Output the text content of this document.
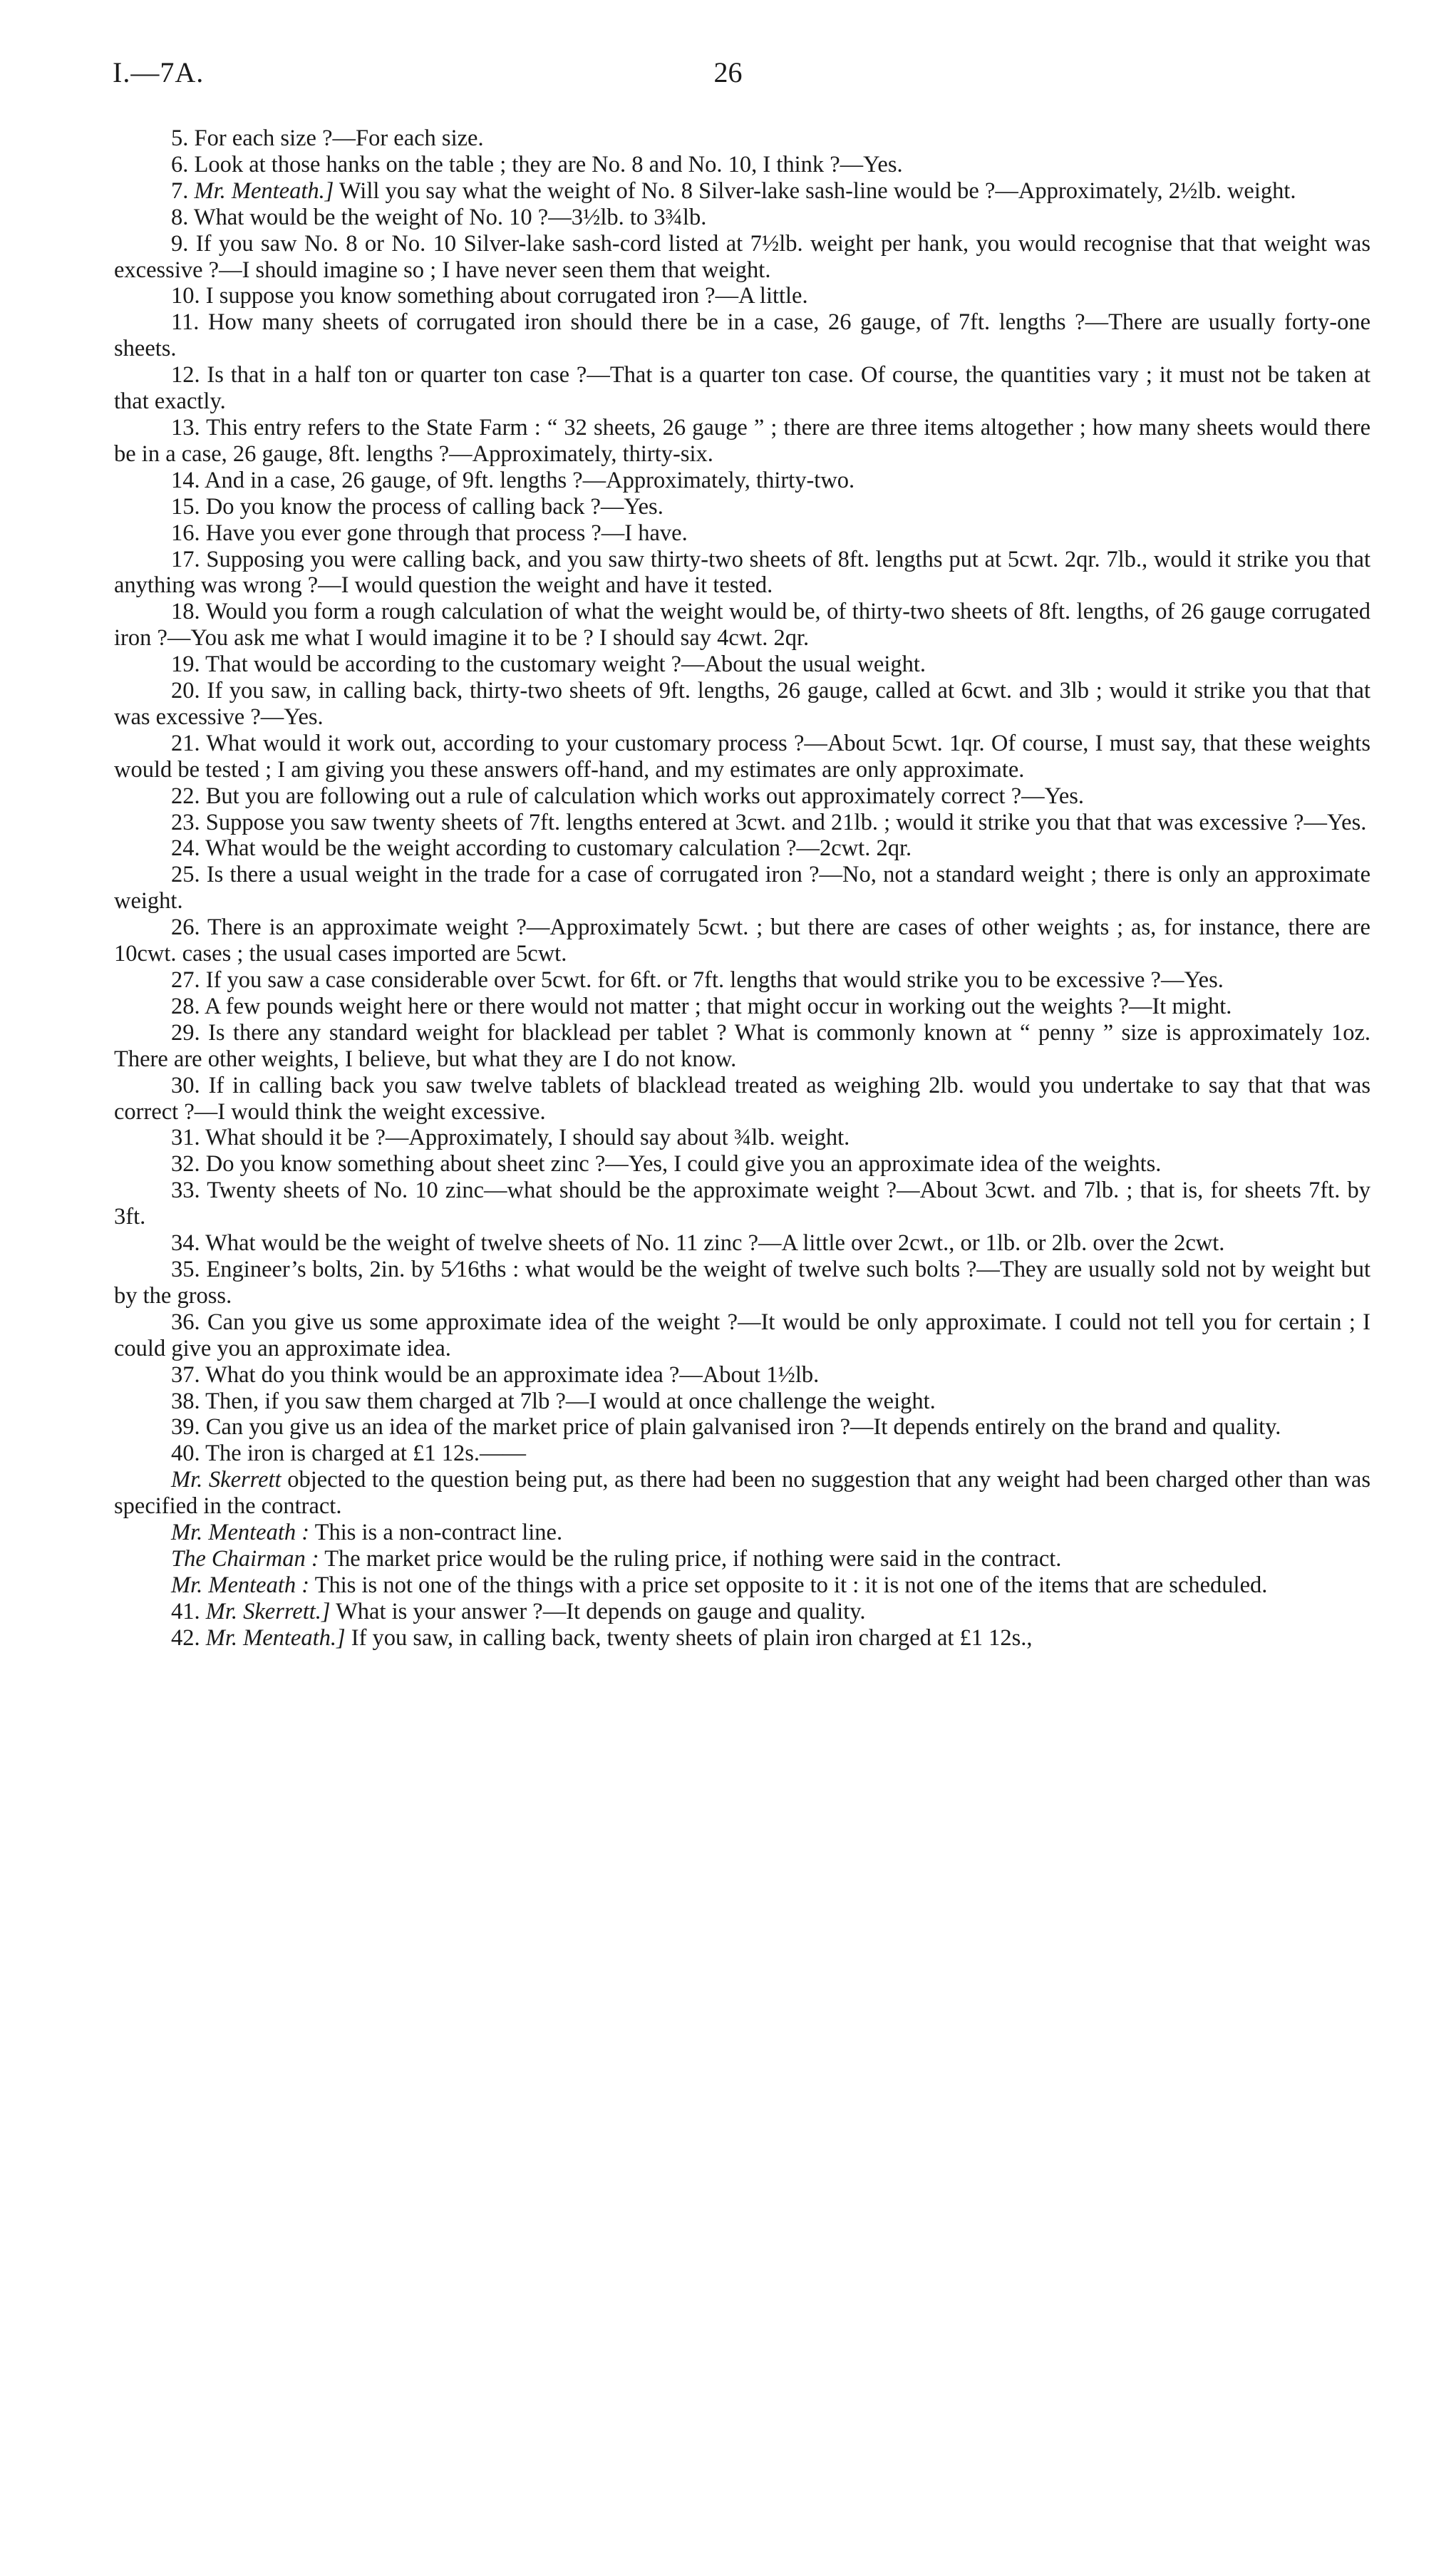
I.—7A.	26

5. For each size ?—For each size.

6. Look at those hanks on the table ; they are No. 8 and No. 10, I think ?—Yes.

7. Mr. Menteath.] Will you say what the weight of No. 8 Silver-lake sash-line would be ?—Approximately, 2½lb. weight.

8. What would be the weight of No. 10 ?—3½lb. to 3¾lb.

9. If you saw No. 8 or No. 10 Silver-lake sash-cord listed at 7½lb. weight per hank, you would recognise that that weight was excessive ?—I should imagine so ; I have never seen them that weight.

10. I suppose you know something about corrugated iron ?—A little.

11. How many sheets of corrugated iron should there be in a case, 26 gauge, of 7ft. lengths ?—There are usually forty-one sheets.

12. Is that in a half ton or quarter ton case ?—That is a quarter ton case. Of course, the quantities vary ; it must not be taken at that exactly.

13. This entry refers to the State Farm : “ 32 sheets, 26 gauge ” ; there are three items altogether ; how many sheets would there be in a case, 26 gauge, 8ft. lengths ?—Approximately, thirty-six.

14. And in a case, 26 gauge, of 9ft. lengths ?—Approximately, thirty-two.

15. Do you know the process of calling back ?—Yes.

16. Have you ever gone through that process ?—I have.

17. Supposing you were calling back, and you saw thirty-two sheets of 8ft. lengths put at 5cwt. 2qr. 7lb., would it strike you that anything was wrong ?—I would question the weight and have it tested.

18. Would you form a rough calculation of what the weight would be, of thirty-two sheets of 8ft. lengths, of 26 gauge corrugated iron ?—You ask me what I would imagine it to be ? I should say 4cwt. 2qr.

19. That would be according to the customary weight ?—About the usual weight.

20. If you saw, in calling back, thirty-two sheets of 9ft. lengths, 26 gauge, called at 6cwt. and 3lb ; would it strike you that that was excessive ?—Yes.

21. What would it work out, according to your customary process ?—About 5cwt. 1qr. Of course, I must say, that these weights would be tested ; I am giving you these answers off-hand, and my estimates are only approximate.

22. But you are following out a rule of calculation which works out approximately correct ?—Yes.

23. Suppose you saw twenty sheets of 7ft. lengths entered at 3cwt. and 21lb. ; would it strike you that that was excessive ?—Yes.

24. What would be the weight according to customary calculation ?—2cwt. 2qr.

25. Is there a usual weight in the trade for a case of corrugated iron ?—No, not a standard weight ; there is only an approximate weight.

26. There is an approximate weight ?—Approximately 5cwt. ; but there are cases of other weights ; as, for instance, there are 10cwt. cases ; the usual cases imported are 5cwt.

27. If you saw a case considerable over 5cwt. for 6ft. or 7ft. lengths that would strike you to be excessive ?—Yes.

28. A few pounds weight here or there would not matter ; that might occur in working out the weights ?—It might.

29. Is there any standard weight for blacklead per tablet ? What is commonly known at “ penny ” size is approximately 1oz. There are other weights, I believe, but what they are I do not know.

30. If in calling back you saw twelve tablets of blacklead treated as weighing 2lb. would you undertake to say that that was correct ?—I would think the weight excessive.

31. What should it be ?—Approximately, I should say about ¾lb. weight.

32. Do you know something about sheet zinc ?—Yes, I could give you an approximate idea of the weights.

33. Twenty sheets of No. 10 zinc—what should be the approximate weight ?—About 3cwt. and 7lb. ; that is, for sheets 7ft. by 3ft.

34. What would be the weight of twelve sheets of No. 11 zinc ?—A little over 2cwt., or 1lb. or 2lb. over the 2cwt.

35. Engineer’s bolts, 2in. by 5⁄16ths : what would be the weight of twelve such bolts ?—They are usually sold not by weight but by the gross.

36. Can you give us some approximate idea of the weight ?—It would be only approximate. I could not tell you for certain ; I could give you an approximate idea.

37. What do you think would be an approximate idea ?—About 1½lb.

38. Then, if you saw them charged at 7lb ?—I would at once challenge the weight.

39. Can you give us an idea of the market price of plain galvanised iron ?—It depends entirely on the brand and quality.

40. The iron is charged at £1 12s.——

Mr. Skerrett objected to the question being put, as there had been no suggestion that any weight had been charged other than was specified in the contract.

Mr. Menteath : This is a non-contract line.

The Chairman : The market price would be the ruling price, if nothing were said in the contract.

Mr. Menteath : This is not one of the things with a price set opposite to it : it is not one of the items that are scheduled.

41. Mr. Skerrett.] What is your answer ?—It depends on gauge and quality.

42. Mr. Menteath.] If you saw, in calling back, twenty sheets of plain iron charged at £1 12s.,
